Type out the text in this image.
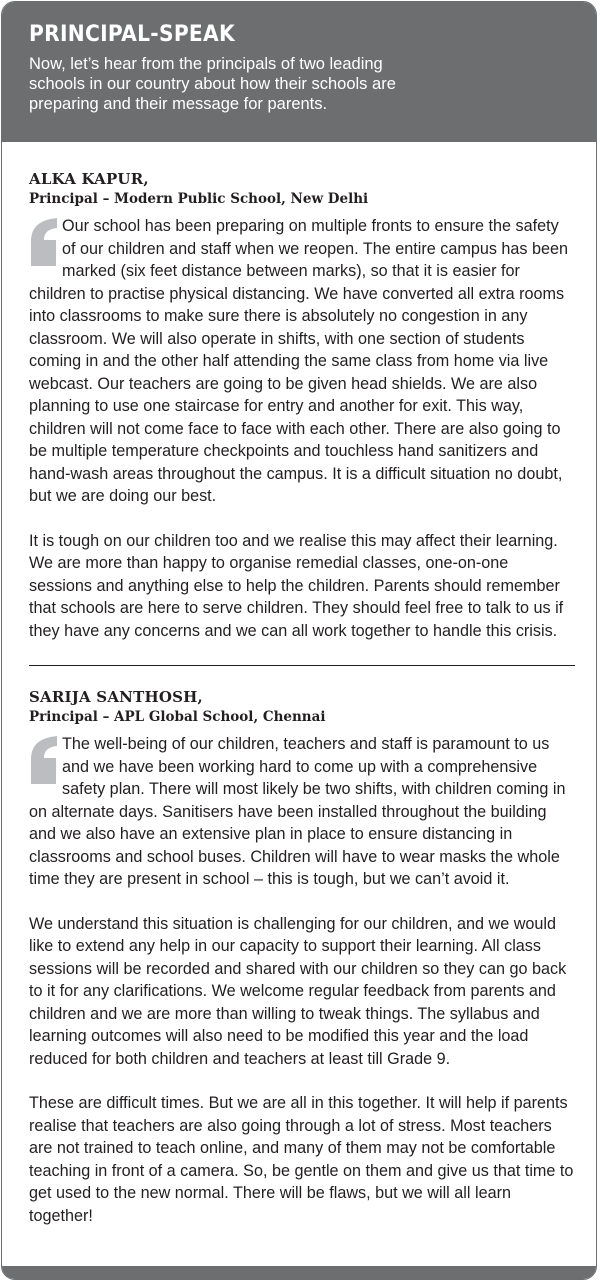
PRINCIPAL-SPEAK
Now, let’s hear from the principals of two leading schools in our country about how their schools are preparing and their message for parents.
ALKA KAPUR,
Principal – Modern Public School, New Delhi

Our school has been preparing on multiple fronts to ensure the safety of our children and staff when we reopen. The entire campus has been marked (six feet distance between marks), so that it is easier for children to practise physical distancing. We have converted all extra rooms into classrooms to make sure there is absolutely no congestion in any classroom. We will also operate in shifts, with one section of students coming in and the other half attending the same class from home via live webcast. Our teachers are going to be given head shields. We are also planning to use one staircase for entry and another for exit. This way, children will not come face to face with each other. There are also going to be multiple temperature checkpoints and touchless hand sanitizers and hand-wash areas throughout the campus. It is a difficult situation no doubt, but we are doing our best.

It is tough on our children too and we realise this may affect their learning. We are more than happy to organise remedial classes, one-on-one sessions and anything else to help the children. Parents should remember that schools are here to serve children. They should feel free to talk to us if they have any concerns and we can all work together to handle this crisis.

SARIJA SANTHOSH,
Principal – APL Global School, Chennai

The well-being of our children, teachers and staff is paramount to us and we have been working hard to come up with a comprehensive safety plan. There will most likely be two shifts, with children coming in on alternate days. Sanitisers have been installed throughout the building and we also have an extensive plan in place to ensure distancing in classrooms and school buses. Children will have to wear masks the whole time they are present in school – this is tough, but we can’t avoid it.

We understand this situation is challenging for our children, and we would like to extend any help in our capacity to support their learning. All class sessions will be recorded and shared with our children so they can go back to it for any clarifications. We welcome regular feedback from parents and children and we are more than willing to tweak things. The syllabus and learning outcomes will also need to be modified this year and the load reduced for both children and teachers at least till Grade 9.

These are difficult times. But we are all in this together. It will help if parents realise that teachers are also going through a lot of stress. Most teachers are not trained to teach online, and many of them may not be comfortable teaching in front of a camera. So, be gentle on them and give us that time to get used to the new normal. There will be flaws, but we will all learn together!
